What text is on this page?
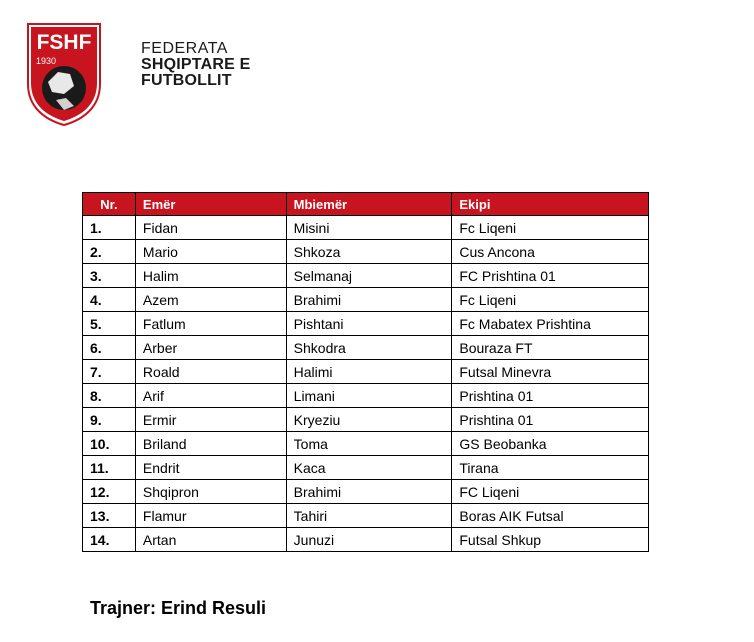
FSHF
1930
FEDERATA
SHQIPTARE E
FUTBOLLIT
Nr.	Emër	Mbiemër	Ekipi
1.	Fidan	Misini	Fc Liqeni
2.	Mario	Shkoza	Cus Ancona
3.	Halim	Selmanaj	FC Prishtina 01
4.	Azem	Brahimi	Fc Liqeni
5.	Fatlum	Pishtani	Fc Mabatex Prishtina
6.	Arber	Shkodra	Bouraza FT
7.	Roald	Halimi	Futsal Minevra
8.	Arif	Limani	Prishtina 01
9.	Ermir	Kryeziu	Prishtina 01
10.	Briland	Toma	GS Beobanka
11.	Endrit	Kaca	Tirana
12.	Shqipron	Brahimi	FC Liqeni
13.	Flamur	Tahiri	Boras AIK Futsal
14.	Artan	Junuzi	Futsal Shkup
Trajner: Erind Resuli
